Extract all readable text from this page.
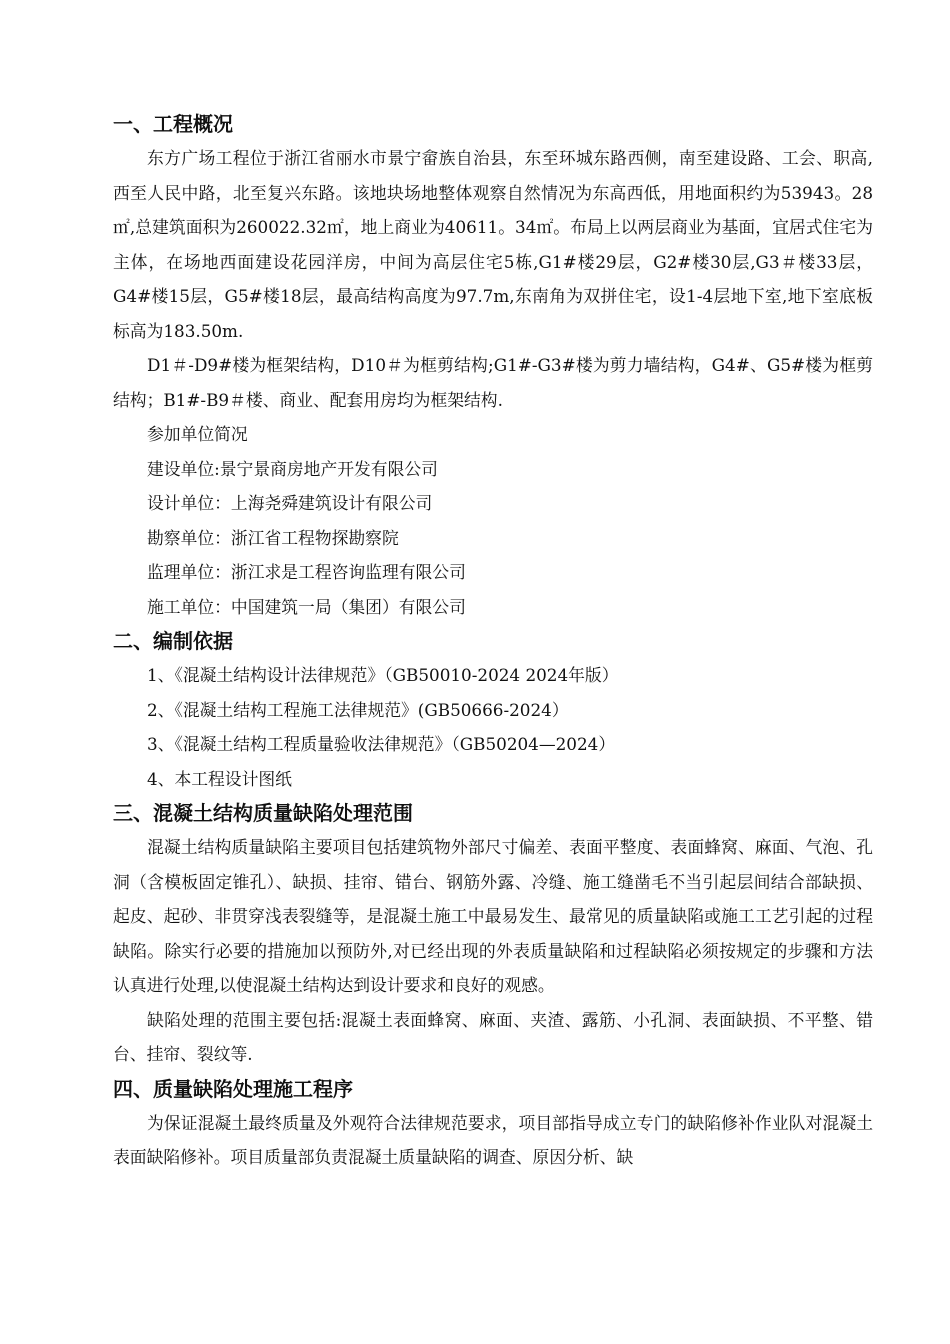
一、工程概况

东方广场工程位于浙江省丽水市景宁畲族自治县，东至环城东路西侧，南至建设路、工会、职高,西至人民中路，北至复兴东路。该地块场地整体观察自然情况为东高西低，用地面积约为53943。28㎡,总建筑面积为260022.32㎡，地上商业为40611。34㎡。布局上以两层商业为基面，宜居式住宅为主体，在场地西面建设花园洋房，中间为高层住宅5栋,G1#楼29层，G2#楼30层,G3＃楼33层，G4#楼15层，G5#楼18层，最高结构高度为97.7m,东南角为双拼住宅，设1-4层地下室,地下室底板标高为183.50m.

D1＃-D9#楼为框架结构，D10＃为框剪结构;G1#-G3#楼为剪力墙结构，G4#、G5#楼为框剪结构；B1#-B9＃楼、商业、配套用房均为框架结构.

参加单位简况
建设单位:景宁景商房地产开发有限公司
设计单位：上海尧舜建筑设计有限公司
勘察单位：浙江省工程物探勘察院
监理单位：浙江求是工程咨询监理有限公司
施工单位：中国建筑一局（集团）有限公司
二、编制依据
1、《混凝土结构设计法律规范》（GB50010-2024 2024年版）
2、《混凝土结构工程施工法律规范》(GB50666-2024）
3、《混凝土结构工程质量验收法律规范》（GB50204—2024）
4、本工程设计图纸
三、混凝土结构质量缺陷处理范围

混凝土结构质量缺陷主要项目包括建筑物外部尺寸偏差、表面平整度、表面蜂窝、麻面、气泡、孔洞（含模板固定锥孔）、缺损、挂帘、错台、钢筋外露、冷缝、施工缝凿毛不当引起层间结合部缺损、起皮、起砂、非贯穿浅表裂缝等，是混凝土施工中最易发生、最常见的质量缺陷或施工工艺引起的过程缺陷。除实行必要的措施加以预防外,对已经出现的外表质量缺陷和过程缺陷必须按规定的步骤和方法认真进行处理,以使混凝土结构达到设计要求和良好的观感。

缺陷处理的范围主要包括:混凝土表面蜂窝、麻面、夹渣、露筋、小孔洞、表面缺损、不平整、错台、挂帘、裂纹等.

四、质量缺陷处理施工程序

为保证混凝土最终质量及外观符合法律规范要求，项目部指导成立专门的缺陷修补作业队对混凝土表面缺陷修补。项目质量部负责混凝土质量缺陷的调查、原因分析、缺
